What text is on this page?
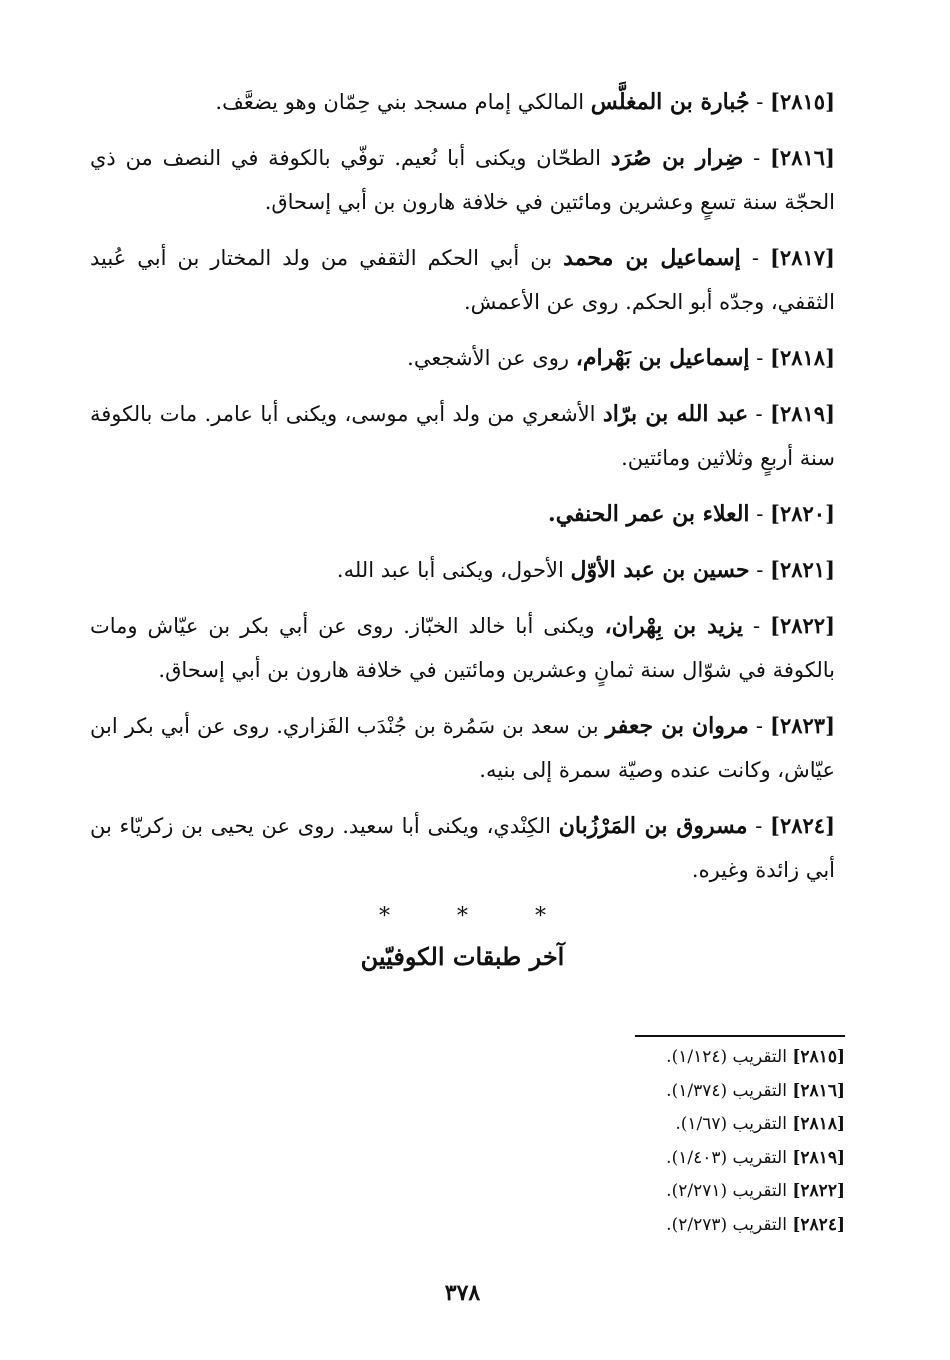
[٢٨١٥] - جُبارة بن المغلَّس المالكي إمام مسجد بني حِمّان وهو يضعَّف.

[٢٨١٦] - ضِرار بن صُرَد الطحّان ويكنى أبا نُعيم. توفّي بالكوفة في النصف من ذي الحجّة سنة تسعٍ وعشرين ومائتين في خلافة هارون بن أبي إسحاق.

[٢٨١٧] - إسماعيل بن محمد بن أبي الحكم الثقفي من ولد المختار بن أبي عُبيد الثقفي، وجدّه أبو الحكم. روى عن الأعمش.

[٢٨١٨] - إسماعيل بن بَهْرام، روى عن الأشجعي.

[٢٨١٩] - عبد الله بن برّاد الأشعري من ولد أبي موسى، ويكنى أبا عامر. مات بالكوفة سنة أربعٍ وثلاثين ومائتين.

[٢٨٢٠] - العلاء بن عمر الحنفي.

[٢٨٢١] - حسين بن عبد الأوّل الأحول، ويكنى أبا عبد الله.

[٢٨٢٢] - يزيد بن بِهْران، ويكنى أبا خالد الخبّاز. روى عن أبي بكر بن عيّاش ومات بالكوفة في شوّال سنة ثمانٍ وعشرين ومائتين في خلافة هارون بن أبي إسحاق.

[٢٨٢٣] - مروان بن جعفر بن سعد بن سَمُرة بن جُنْدَب الفَزاري. روى عن أبي بكر ابن عيّاش، وكانت عنده وصيّة سمرة إلى بنيه.

[٢٨٢٤] - مسروق بن المَرْزُبان الكِنْدي، ويكنى أبا سعيد. روى عن يحيى بن زكريّاء بن أبي زائدة وغيره.

* * *
آخر طبقات الكوفيّين
[٢٨١٥] التقريب (١/١٢٤).
[٢٨١٦] التقريب (١/٣٧٤).
[٢٨١٨] التقريب (١/٦٧).
[٢٨١٩] التقريب (١/٤٠٣).
[٢٨٢٢] التقريب (٢/٢٧١).
[٢٨٢٤] التقريب (٢/٢٧٣).
٣٧٨
